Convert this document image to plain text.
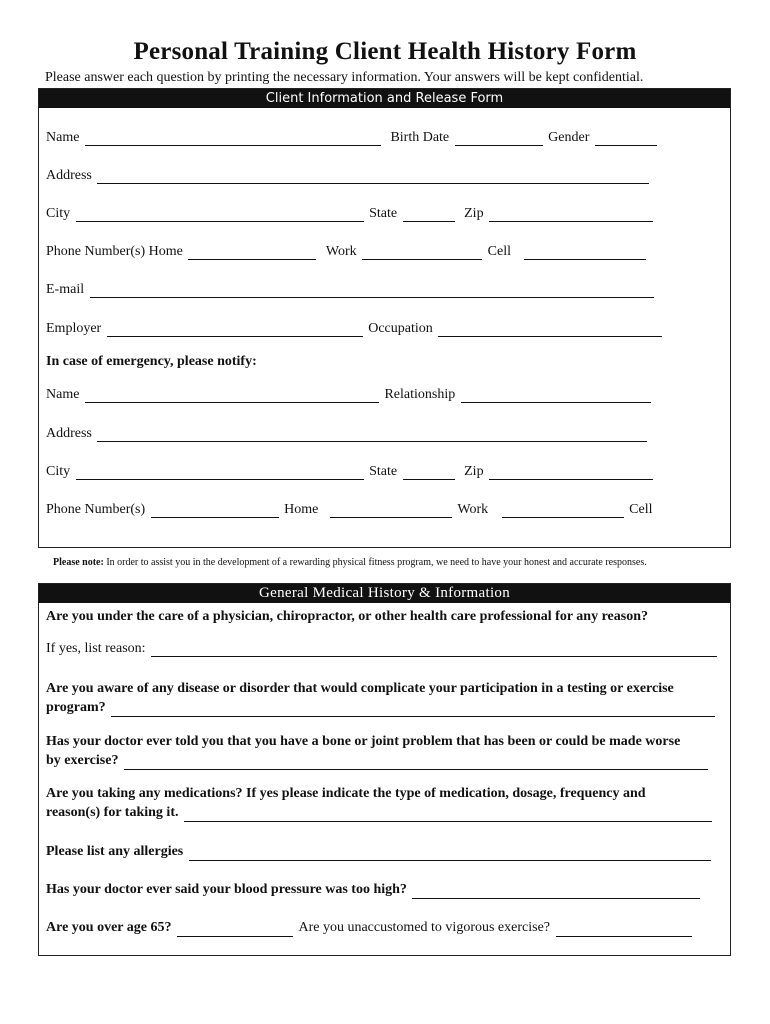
Personal Training Client Health History Form
Please answer each question by printing the necessary information. Your answers will be kept confidential.
Client Information and Release Form
Name	Birth Date	Gender
Address
City	State	Zip
Phone Number(s) Home	Work	Cell
E-mail
Employer	Occupation
In case of emergency, please notify:
Name	Relationship
Address
City	State	Zip
Phone Number(s)	Home	Work	Cell
Please note: In order to assist you in the development of a rewarding physical fitness program, we need to have your honest and accurate responses.
General Medical History & Information
Are you under the care of a physician, chiropractor, or other health care professional for any reason?
If yes, list reason:
Are you aware of any disease or disorder that would complicate your participation in a testing or exercise
program?
Has your doctor ever told you that you have a bone or joint problem that has been or could be made worse
by exercise?
Are you taking any medications? If yes please indicate the type of medication, dosage, frequency and
reason(s) for taking it.
Please list any allergies
Has your doctor ever said your blood pressure was too high?
Are you over age 65?	Are you unaccustomed to vigorous exercise?
